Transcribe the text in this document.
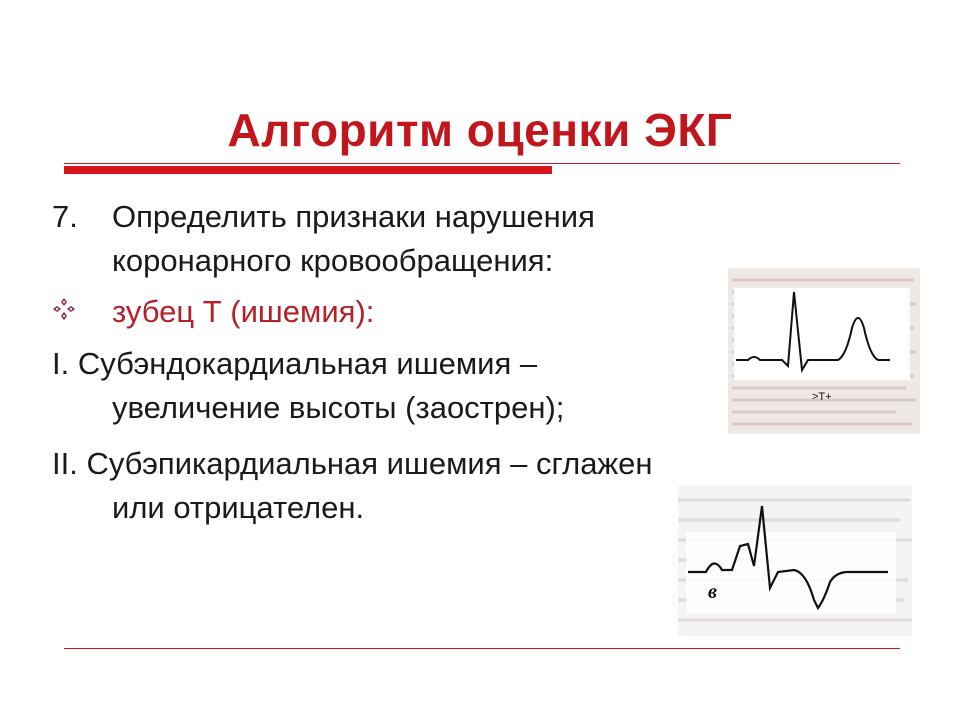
Алгоритм оценки ЭКГ
7. Определить признаки нарушения
коронарного кровообращения:
зубец Т (ишемия):
I. Субэндокардиальная ишемия –
увеличение высоты (заострен);
II. Субэпикардиальная ишемия – сглажен
или отрицателен.
>T+
в
